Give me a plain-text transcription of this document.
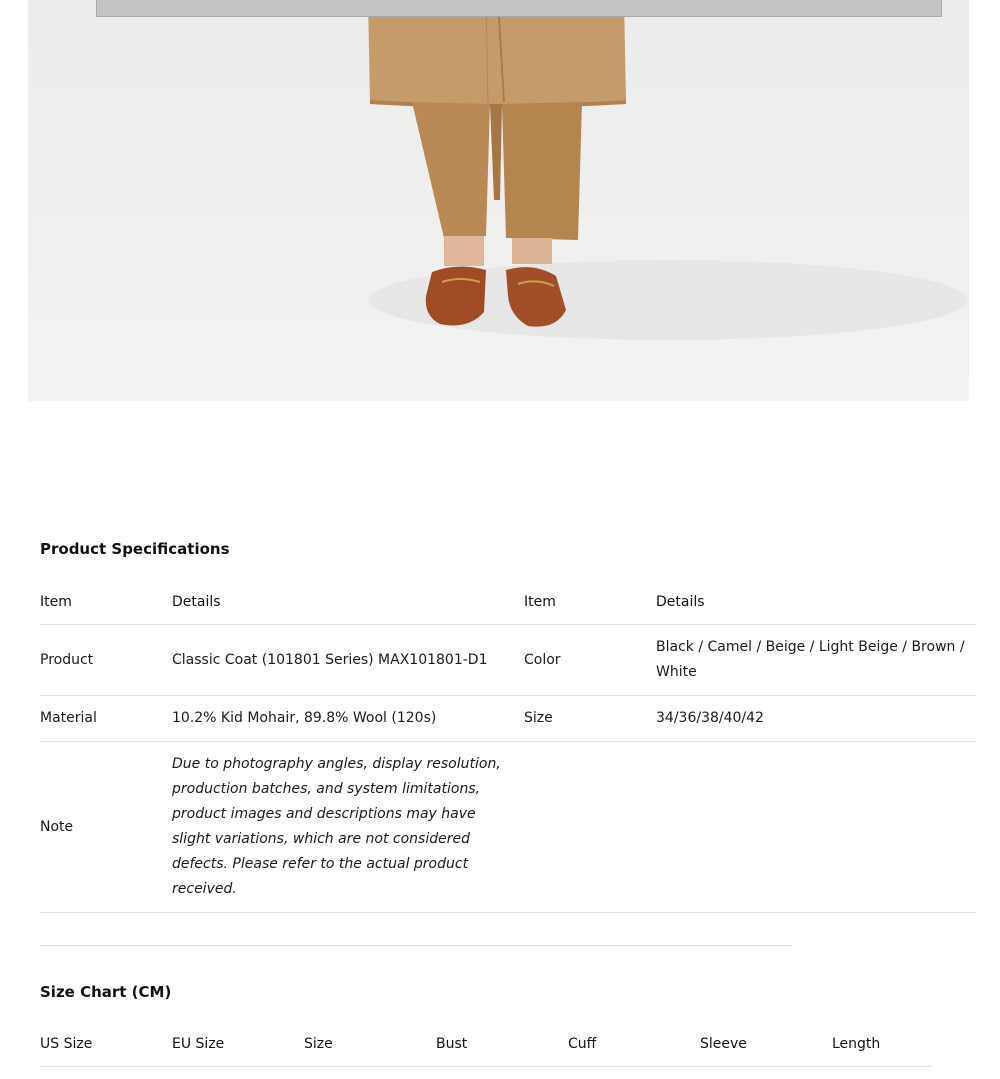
Product Specifications
Item	Details	Item	Details
Product	Classic Coat (101801 Series) MAX101801-D1	Color	Black / Camel / Beige / Light Beige / Brown / White
Material	10.2% Kid Mohair, 89.8% Wool (120s)	Size	34/36/38/40/42
Note	Due to photography angles, display resolution, production batches, and system limitations, product images and descriptions may have slight variations, which are not considered defects. Please refer to the actual product received.		
Size Chart (CM)
US Size	EU Size	Size	Bust	Cuff	Sleeve	Length
